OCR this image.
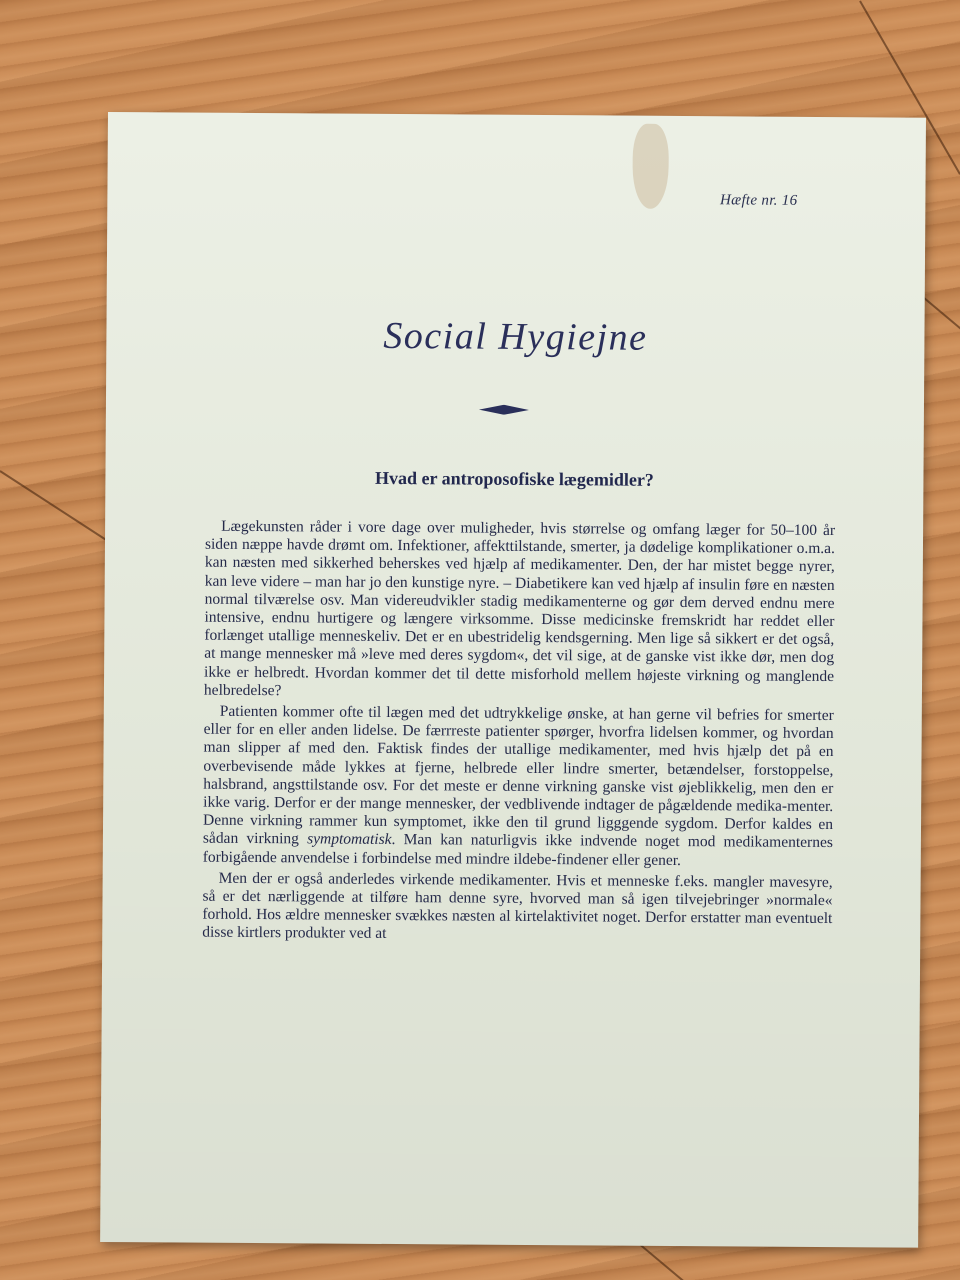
Hæfte nr. 16
Social Hygiejne
Hvad er antroposofiske lægemidler?

Lægekunsten råder i vore dage over muligheder, hvis størrelse og omfang læger for 50–100 år siden næppe havde drømt om. Infektioner, affekttilstande, smerter, ja dødelige komplikationer o.m.a. kan næsten med sikkerhed beherskes ved hjælp af medikamenter. Den, der har mistet begge nyrer, kan leve videre – man har jo den kunstige nyre. – Diabetikere kan ved hjælp af insulin føre en næsten normal tilværelse osv. Man videreudvikler stadig medikamenterne og gør dem derved endnu mere intensive, endnu hurtigere og længere virksomme. Disse medicinske fremskridt har reddet eller forlænget utallige menneskeliv. Det er en ubestridelig kendsgerning. Men lige så sikkert er det også, at mange mennesker må »leve med deres sygdom«, det vil sige, at de ganske vist ikke dør, men dog ikke er helbredt. Hvordan kommer det til dette misforhold mellem højeste virkning og manglende helbredelse?

Patienten kommer ofte til lægen med det udtrykkelige ønske, at han gerne vil befries for smerter eller for en eller anden lidelse. De færrreste patienter spørger, hvorfra lidelsen kommer, og hvordan man slipper af med den. Faktisk findes der utallige medikamenter, med hvis hjælp det på en overbevisende måde lykkes at fjerne, helbrede eller lindre smerter, betændelser, forstoppelse, halsbrand, angsttilstande osv. For det meste er denne virkning ganske vist øjeblikkelig, men den er ikke varig. Derfor er der mange mennesker, der vedblivende indtager de pågældende medika-menter. Denne virkning rammer kun symptomet, ikke den til grund ligggende sygdom. Derfor kaldes en sådan virkning symptomatisk. Man kan naturligvis ikke indvende noget mod medikamenternes forbigående anvendelse i forbindelse med mindre ildebe-findener eller gener.

Men der er også anderledes virkende medikamenter. Hvis et menneske f.eks. mangler mavesyre, så er det nærliggende at tilføre ham denne syre, hvorved man så igen tilvejebringer »normale« forhold. Hos ældre mennesker svækkes næsten al kirtelaktivitet noget. Derfor erstatter man eventuelt disse kirtlers produkter ved at
